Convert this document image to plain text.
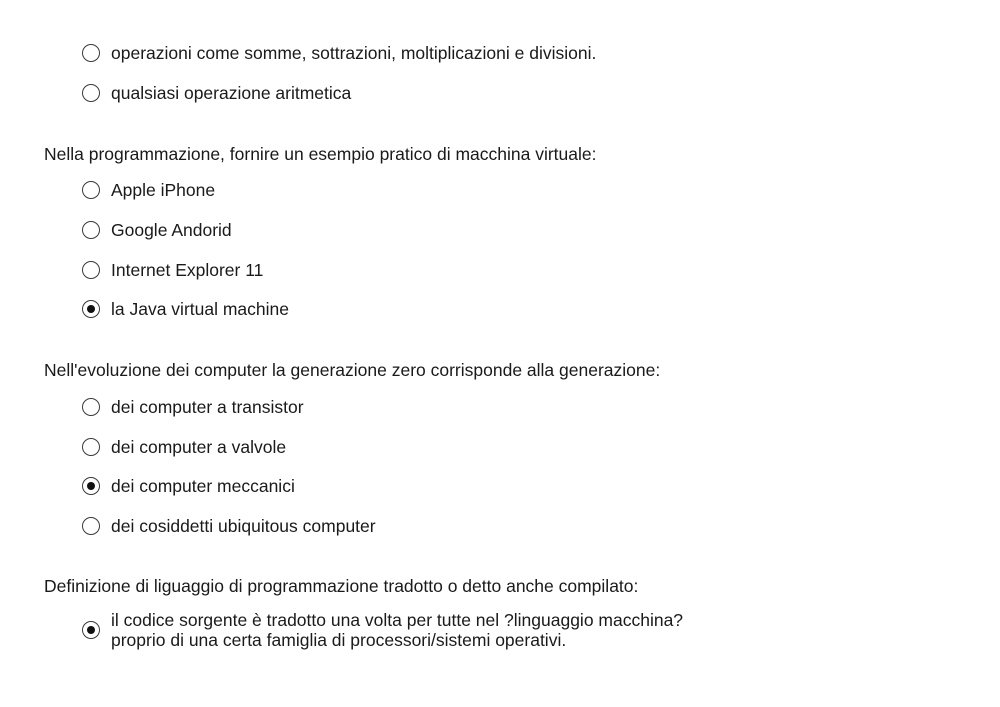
operazioni come somme, sottrazioni, moltiplicazioni e divisioni.
qualsiasi operazione aritmetica

Nella programmazione, fornire un esempio pratico di macchina virtuale:

Apple iPhone
Google Andorid
Internet Explorer 11
la Java virtual machine

Nell'evoluzione dei computer la generazione zero corrisponde alla generazione:

dei computer a transistor
dei computer a valvole
dei computer meccanici
dei cosiddetti ubiquitous computer

Definizione di liguaggio di programmazione tradotto o detto anche compilato:

il codice sorgente è tradotto una volta per tutte nel ?linguaggio macchina? proprio di una certa famiglia di processori/sistemi operativi.
